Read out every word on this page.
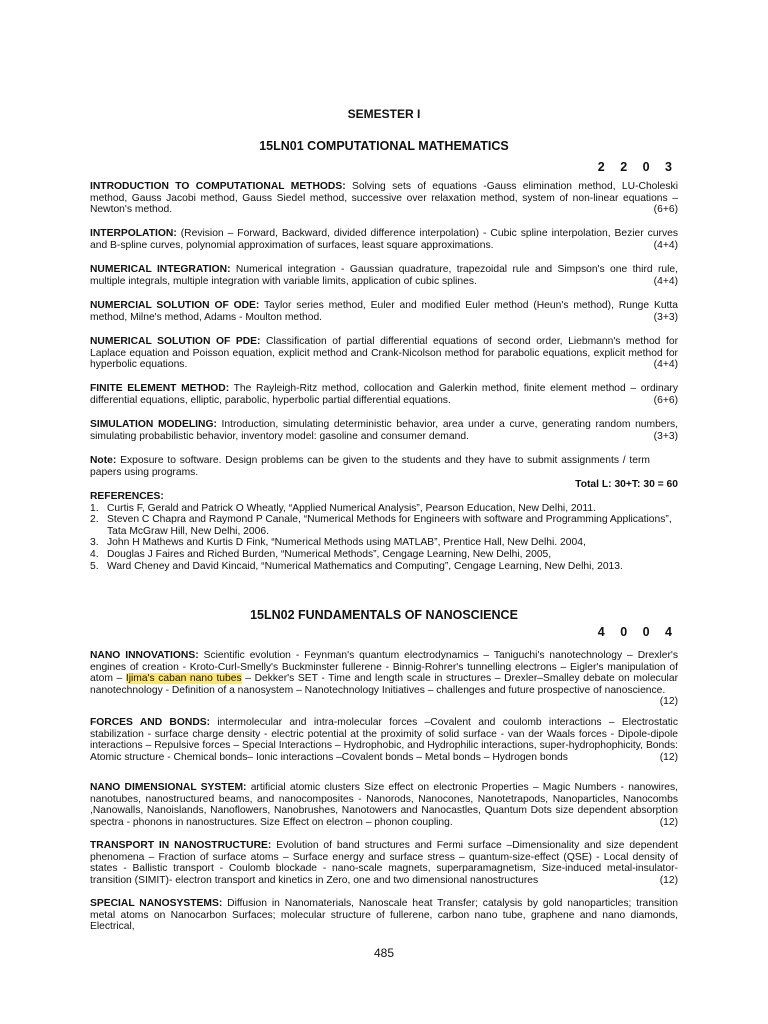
SEMESTER I
15LN01 COMPUTATIONAL MATHEMATICS
2 2 0 3
INTRODUCTION TO COMPUTATIONAL METHODS: Solving sets of equations -Gauss elimination method, LU-Choleski method, Gauss Jacobi method, Gauss Siedel method, successive over relaxation method, system of non-linear equations – Newton's method.	(6+6)
INTERPOLATION: (Revision – Forward, Backward, divided difference interpolation) - Cubic spline interpolation, Bezier curves and B-spline curves, polynomial approximation of surfaces, least square approximations.	(4+4)
NUMERICAL INTEGRATION: Numerical integration - Gaussian quadrature, trapezoidal rule and Simpson's one third rule, multiple integrals, multiple integration with variable limits, application of cubic splines.	(4+4)
NUMERCIAL SOLUTION OF ODE: Taylor series method, Euler and modified Euler method (Heun's method), Runge Kutta method, Milne's method, Adams - Moulton method.	(3+3)
NUMERICAL SOLUTION OF PDE: Classification of partial differential equations of second order, Liebmann's method for Laplace equation and Poisson equation, explicit method and Crank-Nicolson method for parabolic equations, explicit method for hyperbolic equations.	(4+4)
FINITE ELEMENT METHOD: The Rayleigh-Ritz method, collocation and Galerkin method, finite element method – ordinary differential equations, elliptic, parabolic, hyperbolic partial differential equations.	(6+6)
SIMULATION MODELING: Introduction, simulating deterministic behavior, area under a curve, generating random numbers, simulating probabilistic behavior, inventory model: gasoline and consumer demand.	(3+3)
Note: Exposure to software. Design problems can be given to the students and they have to submit assignments / term papers using programs.
Total L: 30+T: 30 = 60
REFERENCES:
1. Curtis F, Gerald and Patrick O Wheatly, “Applied Numerical Analysis”, Pearson Education, New Delhi, 2011.
2. Steven C Chapra and Raymond P Canale, “Numerical Methods for Engineers with software and Programming Applications”, Tata McGraw Hill, New Delhi, 2006.
3. John H Mathews and Kurtis D Fink, “Numerical Methods using MATLAB”, Prentice Hall, New Delhi. 2004,
4. Douglas J Faires and Riched Burden, “Numerical Methods”, Cengage Learning, New Delhi, 2005,
5. Ward Cheney and David Kincaid, “Numerical Mathematics and Computing”, Cengage Learning, New Delhi, 2013.
15LN02 FUNDAMENTALS OF NANOSCIENCE
4 0 0 4
NANO INNOVATIONS: Scientific evolution - Feynman's quantum electrodynamics – Taniguchi's nanotechnology – Drexler's engines of creation - Kroto-Curl-Smelly's Buckminster fullerene - Binnig-Rohrer's tunnelling electrons – Eigler's manipulation of atom – Ijima's caban nano tubes – Dekker's SET - Time and length scale in structures – Drexler–Smalley debate on molecular nanotechnology - Definition of a nanosystem – Nanotechnology Initiatives – challenges and future prospective of nanoscience.
(12)
FORCES AND BONDS: intermolecular and intra-molecular forces –Covalent and coulomb interactions – Electrostatic stabilization - surface charge density - electric potential at the proximity of solid surface - van der Waals forces - Dipole-dipole interactions – Repulsive forces – Special Interactions – Hydrophobic, and Hydrophilic interactions, super-hydrophophicity, Bonds: Atomic structure - Chemical bonds– Ionic interactions –Covalent bonds – Metal bonds – Hydrogen bonds	(12)
NANO DIMENSIONAL SYSTEM: artificial atomic clusters Size effect on electronic Properties – Magic Numbers - nanowires, nanotubes, nanostructured beams, and nanocomposites - Nanorods, Nanocones, Nanotetrapods, Nanoparticles, Nanocombs ,Nanowalls, Nanoislands, Nanoflowers, Nanobrushes, Nanotowers and Nanocastles, Quantum Dots size dependent absorption spectra - phonons in nanostructures. Size Effect on electron – phonon coupling.	(12)
TRANSPORT IN NANOSTRUCTURE: Evolution of band structures and Fermi surface –Dimensionality and size dependent phenomena – Fraction of surface atoms – Surface energy and surface stress – quantum-size-effect (QSE) - Local density of states - Ballistic transport - Coulomb blockade - nano-scale magnets, superparamagnetism, Size-induced metal-insulator-transition (SIMIT)- electron transport and kinetics in Zero, one and two dimensional nanostructures	(12)
SPECIAL NANOSYSTEMS: Diffusion in Nanomaterials, Nanoscale heat Transfer; catalysis by gold nanoparticles; transition metal atoms on Nanocarbon Surfaces; molecular structure of fullerene, carbon nano tube, graphene and nano diamonds, Electrical,
485
